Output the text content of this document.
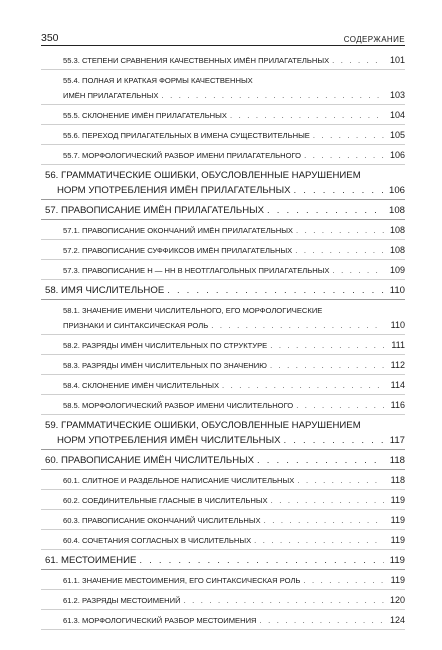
350	СОДЕРЖАНИЕ
55.3. СТЕПЕНИ СРАВНЕНИЯ КАЧЕСТВЕННЫХ ИМЁН ПРИЛАГАТЕЛЬНЫХ . . .	101
55.4. ПОЛНАЯ И КРАТКАЯ ФОРМЫ КАЧЕСТВЕННЫХ
ИМЁН ПРИЛАГАТЕЛЬНЫХ . . .	103
55.5. СКЛОНЕНИЕ ИМЁН ПРИЛАГАТЕЛЬНЫХ . . .	104
55.6. ПЕРЕХОД ПРИЛАГАТЕЛЬНЫХ В ИМЕНА СУЩЕСТВИТЕЛЬНЫЕ . . .	105
55.7. МОРФОЛОГИЧЕСКИЙ РАЗБОР ИМЕНИ ПРИЛАГАТЕЛЬНОГО . . .	106
56. ГРАММАТИЧЕСКИЕ ОШИБКИ, ОБУСЛОВЛЕННЫЕ НАРУШЕНИЕМ
НОРМ УПОТРЕБЛЕНИЯ ИМЁН ПРИЛАГАТЕЛЬНЫХ . . .	106
57. ПРАВОПИСАНИЕ ИМЁН ПРИЛАГАТЕЛЬНЫХ . . .	108
57.1. ПРАВОПИСАНИЕ ОКОНЧАНИЙ ИМЁН ПРИЛАГАТЕЛЬНЫХ . . .	108
57.2. ПРАВОПИСАНИЕ СУФФИКСОВ ИМЁН ПРИЛАГАТЕЛЬНЫХ . . .	108
57.3. ПРАВОПИСАНИЕ Н — НН В НЕОТГЛАГОЛЬНЫХ ПРИЛАГАТЕЛЬНЫХ . . .	109
58. ИМЯ ЧИСЛИТЕЛЬНОЕ . . .	110
58.1. ЗНАЧЕНИЕ ИМЕНИ ЧИСЛИТЕЛЬНОГО, ЕГО МОРФОЛОГИЧЕСКИЕ
ПРИЗНАКИ И СИНТАКСИЧЕСКАЯ РОЛЬ . . .	110
58.2. РАЗРЯДЫ ИМЁН ЧИСЛИТЕЛЬНЫХ ПО СТРУКТУРЕ . . .	111
58.3. РАЗРЯДЫ ИМЁН ЧИСЛИТЕЛЬНЫХ ПО ЗНАЧЕНИЮ . . .	112
58.4. СКЛОНЕНИЕ ИМЁН ЧИСЛИТЕЛЬНЫХ . . .	114
58.5. МОРФОЛОГИЧЕСКИЙ РАЗБОР ИМЕНИ ЧИСЛИТЕЛЬНОГО . . .	116
59. ГРАММАТИЧЕСКИЕ ОШИБКИ, ОБУСЛОВЛЕННЫЕ НАРУШЕНИЕМ
НОРМ УПОТРЕБЛЕНИЯ ИМЁН ЧИСЛИТЕЛЬНЫХ . . .	117
60. ПРАВОПИСАНИЕ ИМЁН ЧИСЛИТЕЛЬНЫХ . . .	118
60.1. СЛИТНОЕ И РАЗДЕЛЬНОЕ НАПИСАНИЕ ЧИСЛИТЕЛЬНЫХ . . .	118
60.2. СОЕДИНИТЕЛЬНЫЕ ГЛАСНЫЕ В ЧИСЛИТЕЛЬНЫХ . . .	119
60.3. ПРАВОПИСАНИЕ ОКОНЧАНИЙ ЧИСЛИТЕЛЬНЫХ . . .	119
60.4. СОЧЕТАНИЯ СОГЛАСНЫХ В ЧИСЛИТЕЛЬНЫХ . . .	119
61. МЕСТОИМЕНИЕ . . .	119
61.1. ЗНАЧЕНИЕ МЕСТОИМЕНИЯ, ЕГО СИНТАКСИЧЕСКАЯ РОЛЬ . . .	119
61.2. РАЗРЯДЫ МЕСТОИМЕНИЙ . . .	120
61.3. МОРФОЛОГИЧЕСКИЙ РАЗБОР МЕСТОИМЕНИЯ . . .	124
